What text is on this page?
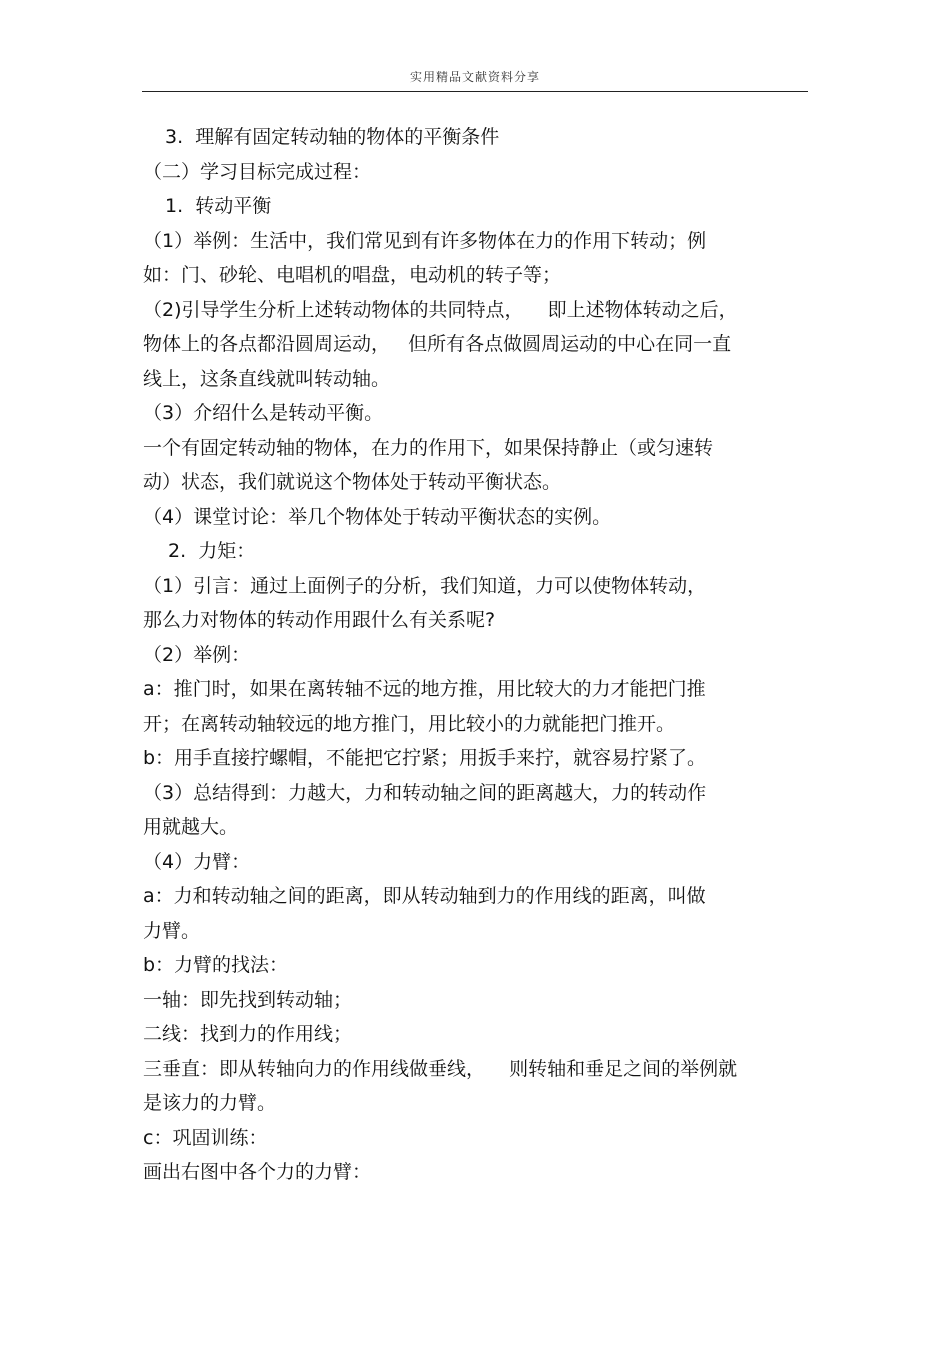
实用精品文献资料分享
3.  理解有固定转动轴的物体的平衡条件
（二）学习目标完成过程：
1.  转动平衡
（1）举例：生活中，我们常见到有许多物体在力的作用下转动；例
如：门、砂轮、电唱机的唱盘，电动机的转子等；
（2)引导学生分析上述转动物体的共同特点，    即上述物体转动之后，
物体上的各点都沿圆周运动，   但所有各点做圆周运动的中心在同一直
线上，这条直线就叫转动轴。
（3）介绍什么是转动平衡。
一个有固定转动轴的物体，在力的作用下，如果保持静止（或匀速转
动）状态，我们就说这个物体处于转动平衡状态。
（4）课堂讨论：举几个物体处于转动平衡状态的实例。
2.  力矩：
（1）引言：通过上面例子的分析，我们知道，力可以使物体转动，
那么力对物体的转动作用跟什么有关系呢?
（2）举例：
a：推门时，如果在离转轴不远的地方推，用比较大的力才能把门推
开；在离转动轴较远的地方推门，用比较小的力就能把门推开。
b：用手直接拧螺帽，不能把它拧紧；用扳手来拧，就容易拧紧了。
（3）总结得到：力越大，力和转动轴之间的距离越大，力的转动作
用就越大。
（4）力臂：
a：力和转动轴之间的距离，即从转动轴到力的作用线的距离，叫做
力臂。
b：力臂的找法：
一轴：即先找到转动轴；
二线：找到力的作用线；
三垂直：即从转轴向力的作用线做垂线，    则转轴和垂足之间的举例就
是该力的力臂。
c：巩固训练：
画出右图中各个力的力臂：
